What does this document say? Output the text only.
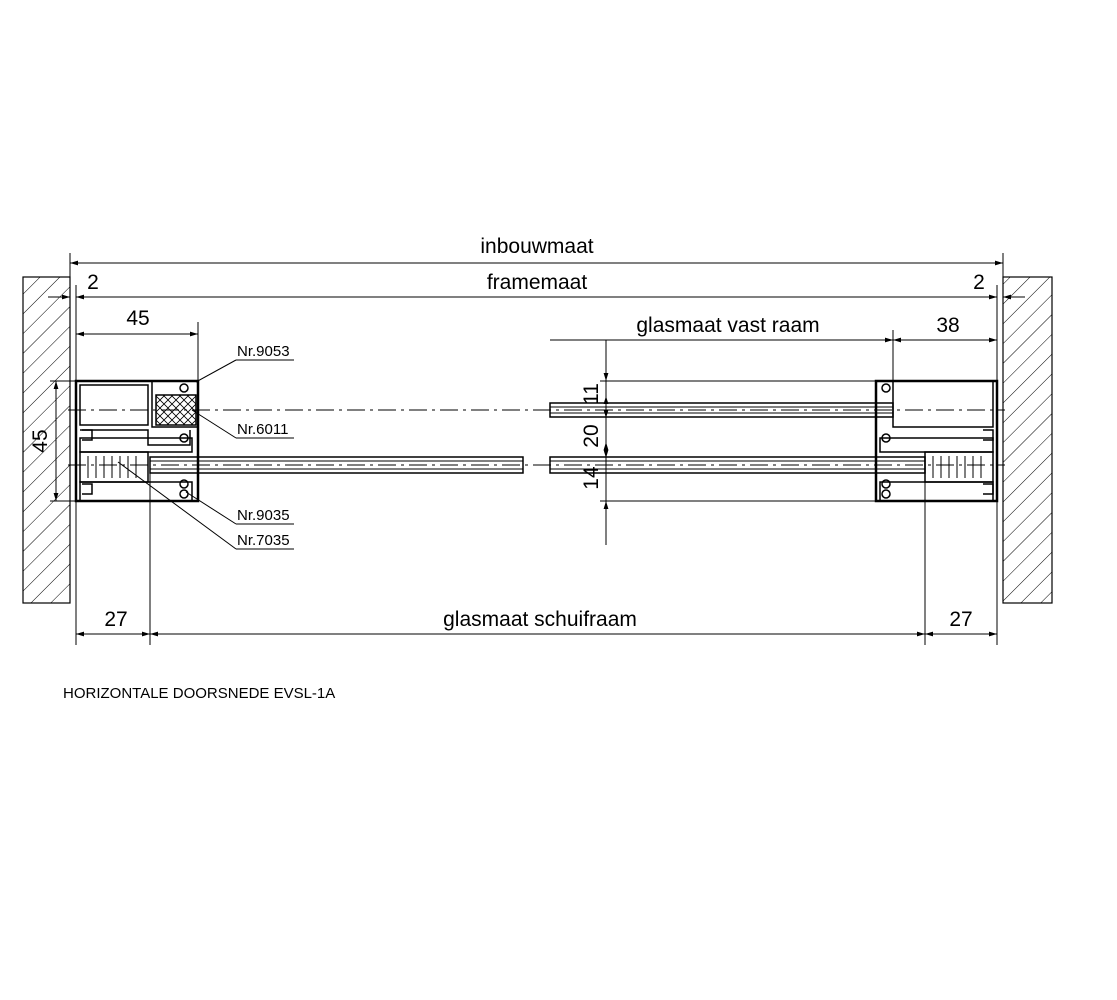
inbouwmaat
framemaat
2	2
45	glasmaat vast raam	38
45
11
20
14
27	glasmaat schuifraam	27
Nr.9053
Nr.6011
Nr.9035
Nr.7035
HORIZONTALE DOORSNEDE EVSL-1A
